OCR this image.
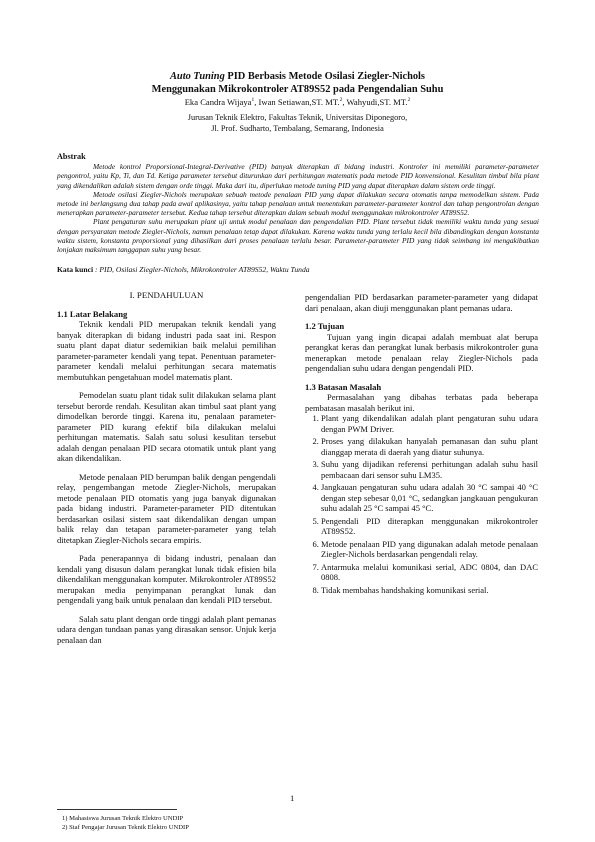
Auto Tuning PID Berbasis Metode Osilasi Ziegler-Nichols
Menggunakan Mikrokontroler AT89S52 pada Pengendalian Suhu
Eka Candra Wijaya$^1$, Iwan Setiawan,ST. MT.$^2$, Wahyudi,ST. MT.$^2$
Jurusan Teknik Elektro, Fakultas Teknik, Universitas Diponegoro,
Jl. Prof. Sudharto, Tembalang, Semarang, Indonesia
Abstrak

Metode kontrol Proporsional-Integral-Derivative (PID) banyak diterapkan di bidang industri. Kontroler ini memiliki parameter-parameter pengontrol, yaitu Kp, Ti, dan Td. Ketiga parameter tersebut diturunkan dari perhitungan matematis pada metode PID konvensional. Kesulitan timbul bila plant yang dikendalikan adalah sistem dengan orde tinggi. Maka dari itu, diperlukan metode tuning PID yang dapat diterapkan dalam sistem orde tinggi.

Metode osilasi Ziegler-Nichols merupakan sebuah metode penalaan PID yang dapat dilakukan secara otomatis tanpa memodelkan sistem. Pada metode ini berlangsung dua tahap pada awal aplikasinya, yaitu tahap penalaan untuk menentukan parameter-parameter kontrol dan tahap pengontrolan dengan menerapkan parameter-parameter tersebut. Kedua tahap tersebut diterapkan dalam sebuah modul menggunakan mikrokontroler AT89S52.

Plant pengaturan suhu merupakan plant uji untuk modul penalaan dan pengendalian PID. Plant tersebut tidak memiliki waktu tunda yang sesuai dengan persyaratan metode Ziegler-Nichols, namun penalaan tetap dapat dilakukan. Karena waktu tunda yang terlalu kecil bila dibandingkan dengan konstanta waktu sistem, konstanta proporsional yang dihasilkan dari proses penalaan terlalu besar. Parameter-parameter PID yang tidak seimbang ini mengakibatkan lonjakan maksimum tanggapan suhu yang besar.

Kata kunci : PID, Osilasi Ziegler-Nichols, Mikrokontroler AT89S52, Waktu Tunda
I. PENDAHULUAN
1.1 Latar Belakang

Teknik kendali PID merupakan teknik kendali yang banyak diterapkan di bidang industri pada saat ini. Respon suatu plant dapat diatur sedemikian baik melalui pemilihan parameter-parameter kendali yang tepat. Penentuan parameter-parameter kendali melalui perhitungan secara matematis membutuhkan pengetahuan model matematis plant.

Pemodelan suatu plant tidak sulit dilakukan selama plant tersebut berorde rendah. Kesulitan akan timbul saat plant yang dimodelkan berorde tinggi. Karena itu, penalaan parameter-parameter PID kurang efektif bila dilakukan melalui perhitungan matematis. Salah satu solusi kesulitan tersebut adalah dengan penalaan PID secara otomatik untuk plant yang akan dikendalikan.

Metode penalaan PID berumpan balik dengan pengendali relay, pengembangan metode Ziegler-Nichols, merupakan metode penalaan PID otomatis yang juga banyak digunakan pada bidang industri. Parameter-parameter PID ditentukan berdasarkan osilasi sistem saat dikendalikan dengan umpan balik relay dan tetapan parameter-parameter yang telah ditetapkan Ziegler-Nichols secara empiris.

Pada penerapannya di bidang industri, penalaan dan kendali yang disusun dalam perangkat lunak tidak efisien bila dikendalikan menggunakan komputer. Mikrokontroler AT89S52 merupakan media penyimpanan perangkat lunak dan pengendali yang baik untuk penalaan dan kendali PID tersebut.

Salah satu plant dengan orde tinggi adalah plant pemanas udara dengan tundaan panas yang dirasakan sensor. Unjuk kerja penalaan dan

pengendalian PID berdasarkan parameter-parameter yang didapat dari penalaan, akan diuji menggunakan plant pemanas udara.

1.2 Tujuan

Tujuan yang ingin dicapai adalah membuat alat berupa perangkat keras dan perangkat lunak berbasis mikrokontroler guna menerapkan metode penalaan relay Ziegler-Nichols pada pengendalian suhu udara dengan pengendali PID.

1.3 Batasan Masalah

Permasalahan yang dibahas terbatas pada beberapa pembatasan masalah berikut ini.

1. Plant yang dikendalikan adalah plant pengaturan suhu udara dengan PWM Driver.
2. Proses yang dilakukan hanyalah pemanasan dan suhu plant dianggap merata di daerah yang diatur suhunya.
3. Suhu yang dijadikan referensi perhitungan adalah suhu hasil pembacaan dari sensor suhu LM35.
4. Jangkauan pengaturan suhu udara adalah 30 °C sampai 40 °C dengan step sebesar 0,01 °C, sedangkan jangkauan pengukuran suhu adalah 25 °C sampai 45 °C.
5. Pengendali PID diterapkan menggunakan mikrokontroler AT89S52.
6. Metode penalaan PID yang digunakan adalah metode penalaan Ziegler-Nichols berdasarkan pengendali relay.
7. Antarmuka melalui komunikasi serial, ADC 0804, dan DAC 0808.
8. Tidak membahas handshaking komunikasi serial.
1
1) Mahasiswa Jurusan Teknik Elektro UNDIP
2) Staf Pengajar Jurusan Teknik Elektro UNDIP
